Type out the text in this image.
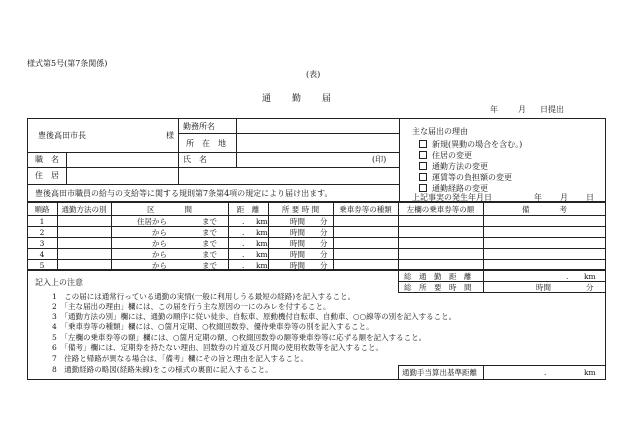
様式第5号(第7条関係)
(表)
通　勤　届
年	月 日提出
豊後高田市長	様
勤務所名
所　在　地
氏　名	(印)
職　名
住　居
豊後高田市職員の給与の支給等に関する規則第7条第4項の規定により届け出ます。
主な届出の理由
新規(異動の場合を含む。)
住居の変更
通勤方法の変更
運賃等の負担額の変更
通勤経路の変更
上記事実の発生年月日	年 月 日
順路	通勤方法の別	区　　　　間	距　離	所 要 時 間	乗車券等の種類	左欄の乗車券等の額	備　　　　考
1	住居から	まで	. km	時間 分
2	から	まで	. km	時間 分
3	から	まで	. km	時間 分
4	から	まで	. km	時間 分
5	から	まで	. km	時間 分
総　通　勤　距　離	. km
総　所　要　時　間	時間	分
記入上の注意
1　この届には通常行っている通勤の実情(一般に利用しうる最短の経路)を記入すること。
2　「主な届出の理由」欄には、この届を行う主な原因の一にのみレを付すること。
3　「通勤方法の別」欄には、通勤の順序に従い徒歩、自転車、原動機付自転車、自動車、○○線等の別を記入すること。
4　「乗車券等の種類」欄には、○箇月定期、○枚綴回数券、優待乗車券等の別を記入すること。
5　「左欄の乗車券等の額」欄には、○箇月定期の額、○枚綴回数券の額等乗車券等に応ずる額を記入すること。
6　「備考」欄には、定期券を持たない理由、回数券の片道及び月間の使用枚数等を記入すること。
7　往路と帰路が異なる場合は、「備考」欄にその旨と理由を記入すること。
8　通勤経路の略図(経路朱線)をこの様式の裏面に記入すること。	通勤手当算出基準距離	.	km
